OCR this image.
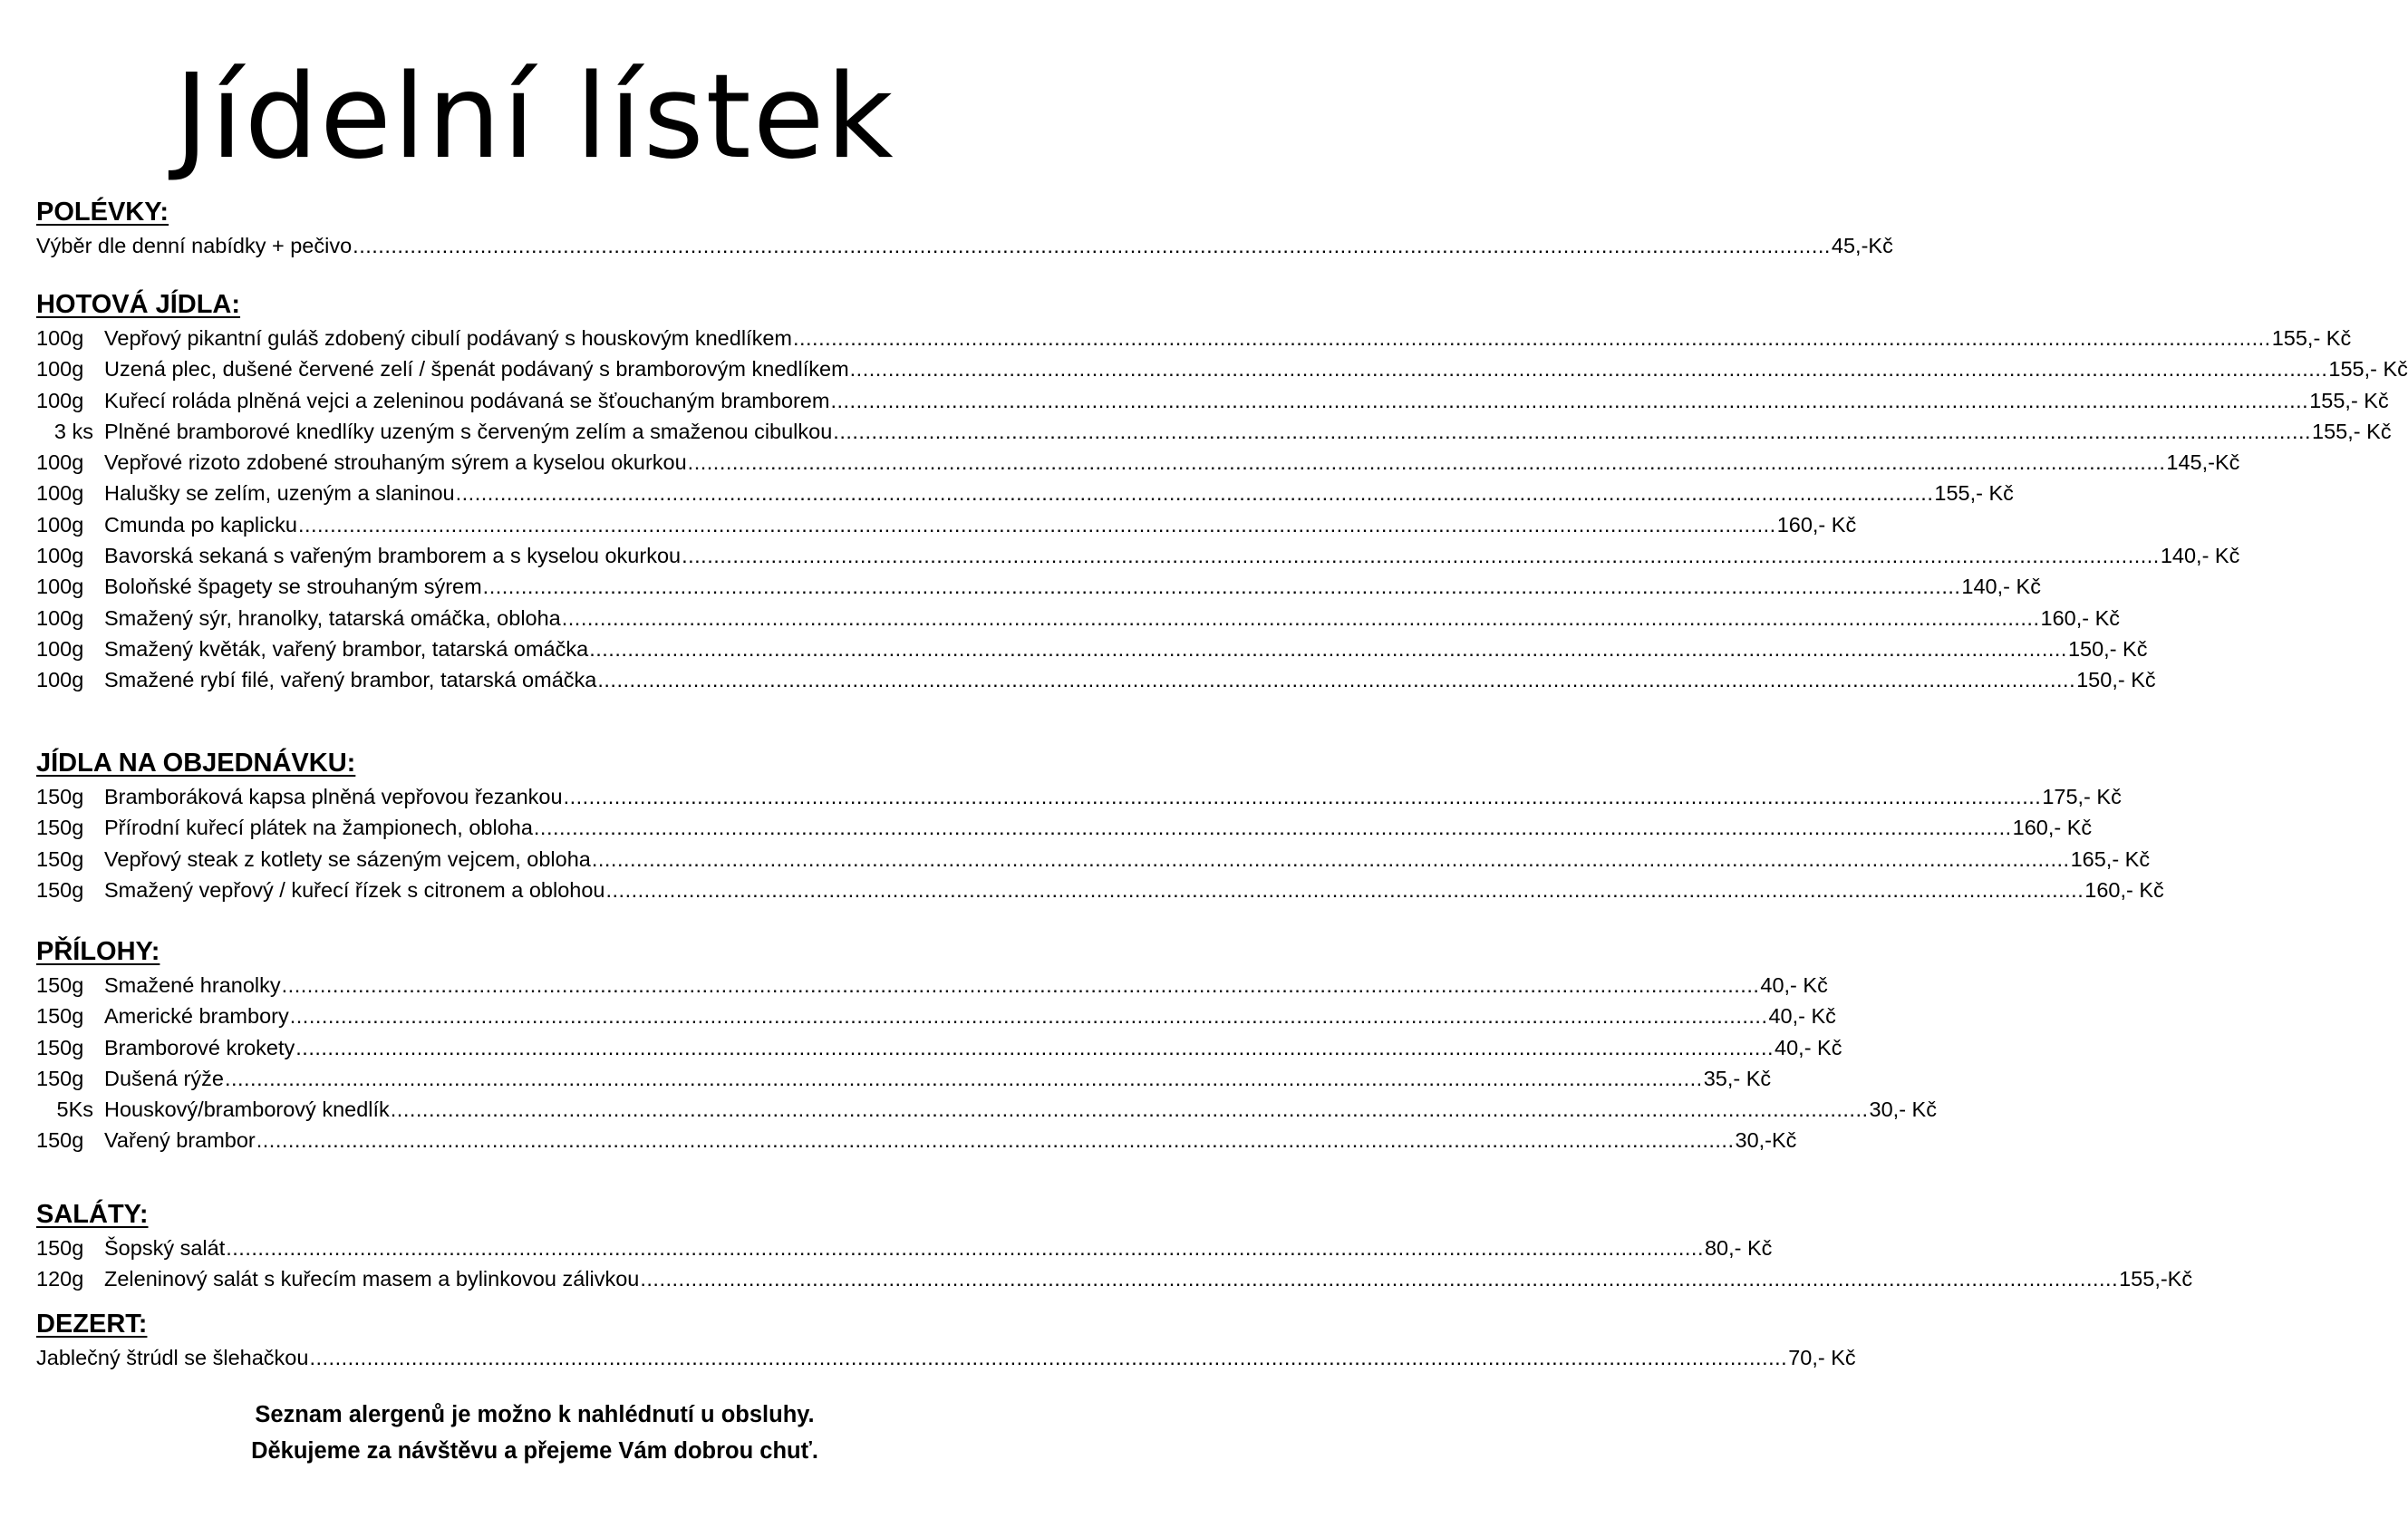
Jídelní lístek
POLÉVKY:
Výběr dle denní nabídky + pečivo .....	45,-Kč
HOTOVÁ JÍDLA:
100g Vepřový pikantní guláš zdobený cibulí podávaný s houskovým knedlíkem .....	155,- Kč
100g Uzená plec, dušené červené zelí / špenát podávaný s bramborovým knedlíkem .....	155,- Kč
100g Kuřecí roláda plněná vejci a zeleninou podávaná se šťouchaným bramborem .....	155,- Kč
3 ks Plněné bramborové knedlíky uzeným s červeným zelím a smaženou cibulkou .....	155,- Kč
100g Vepřové rizoto zdobené strouhaným sýrem a kyselou okurkou .....	145,-Kč
100g Halušky se zelím, uzeným a slaninou .....	155,- Kč
100g Cmunda po kaplicku .....	160,- Kč
100g Bavorská sekaná s vařeným bramborem a s kyselou okurkou .....	140,- Kč
100g Boloňské špagety se strouhaným sýrem .....	140,- Kč
100g Smažený sýr, hranolky, tatarská omáčka, obloha .....	160,- Kč
100g Smažený květák, vařený brambor, tatarská omáčka .....	150,- Kč
100g Smažené rybí filé, vařený brambor, tatarská omáčka .....	150,- Kč
JÍDLA NA OBJEDNÁVKU:
150g Bramboráková kapsa plněná vepřovou řezankou .....	175,- Kč
150g Přírodní kuřecí plátek na žampionech, obloha .....	160,- Kč
150g Vepřový steak z kotlety se sázeným vejcem, obloha .....	165,- Kč
150g Smažený vepřový / kuřecí řízek s citronem a oblohou .....	160,- Kč
PŘÍLOHY:
150g Smažené hranolky .....	40,- Kč
150g Americké brambory .....	40,- Kč
150g Bramborové krokety .....	40,- Kč
150g Dušená rýže .....	35,- Kč
5Ks Houskový/bramborový knedlík .....	30,- Kč
150g Vařený brambor .....	30,-Kč
SALÁTY:
150g Šopský salát .....	80,- Kč
120g Zeleninový salát s kuřecím masem a bylinkovou zálivkou .....	155,-Kč
DEZERT:
Jablečný štrúdl se šlehačkou .....	70,- Kč
Seznam alergenů je možno k nahlédnutí u obsluhy.
Děkujeme za návštěvu a přejeme Vám dobrou chuť.
